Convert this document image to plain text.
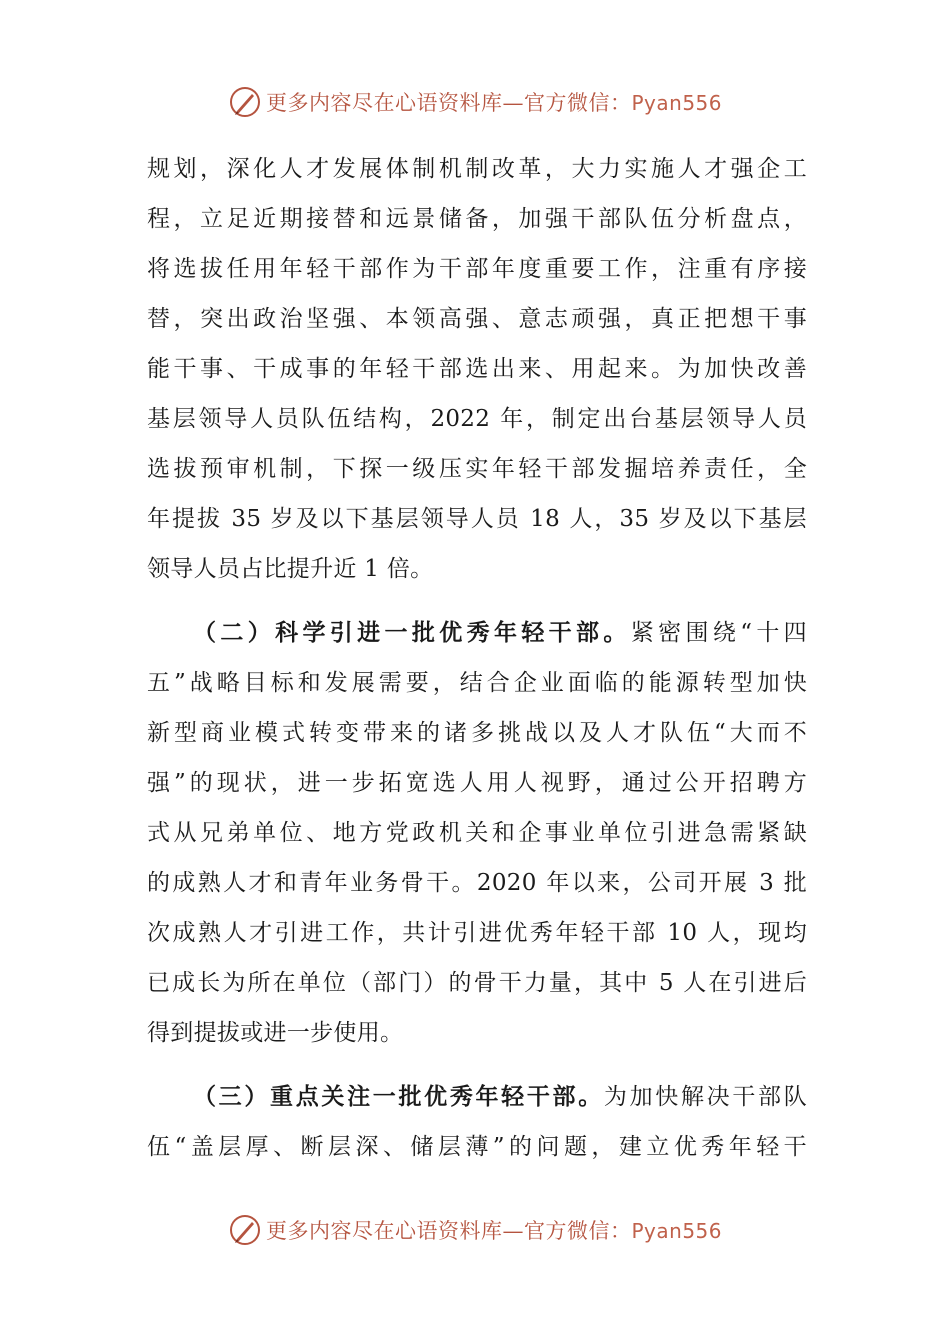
更多内容尽在心语资料库—官方微信：Pyan556
规划，深化人才发展体制机制改革，大力实施人才强企工
程，立足近期接替和远景储备，加强干部队伍分析盘点，
将选拔任用年轻干部作为干部年度重要工作，注重有序接
替，突出政治坚强、本领高强、意志顽强，真正把想干事
能干事、干成事的年轻干部选出来、用起来。为加快改善
基层领导人员队伍结构，2022 年，制定出台基层领导人员
选拔预审机制，下探一级压实年轻干部发掘培养责任，全
年提拔 35 岁及以下基层领导人员 18 人，35 岁及以下基层
领导人员占比提升近 1 倍。
（二）科学引进一批优秀年轻干部。紧密围绕“十四
五”战略目标和发展需要，结合企业面临的能源转型加快
新型商业模式转变带来的诸多挑战以及人才队伍“大而不
强”的现状，进一步拓宽选人用人视野，通过公开招聘方
式从兄弟单位、地方党政机关和企事业单位引进急需紧缺
的成熟人才和青年业务骨干。2020 年以来，公司开展 3 批
次成熟人才引进工作，共计引进优秀年轻干部 10 人，现均
已成长为所在单位（部门）的骨干力量，其中 5 人在引进后
得到提拔或进一步使用。
（三）重点关注一批优秀年轻干部。为加快解决干部队
伍“盖层厚、断层深、储层薄”的问题，建立优秀年轻干
更多内容尽在心语资料库—官方微信：Pyan556
